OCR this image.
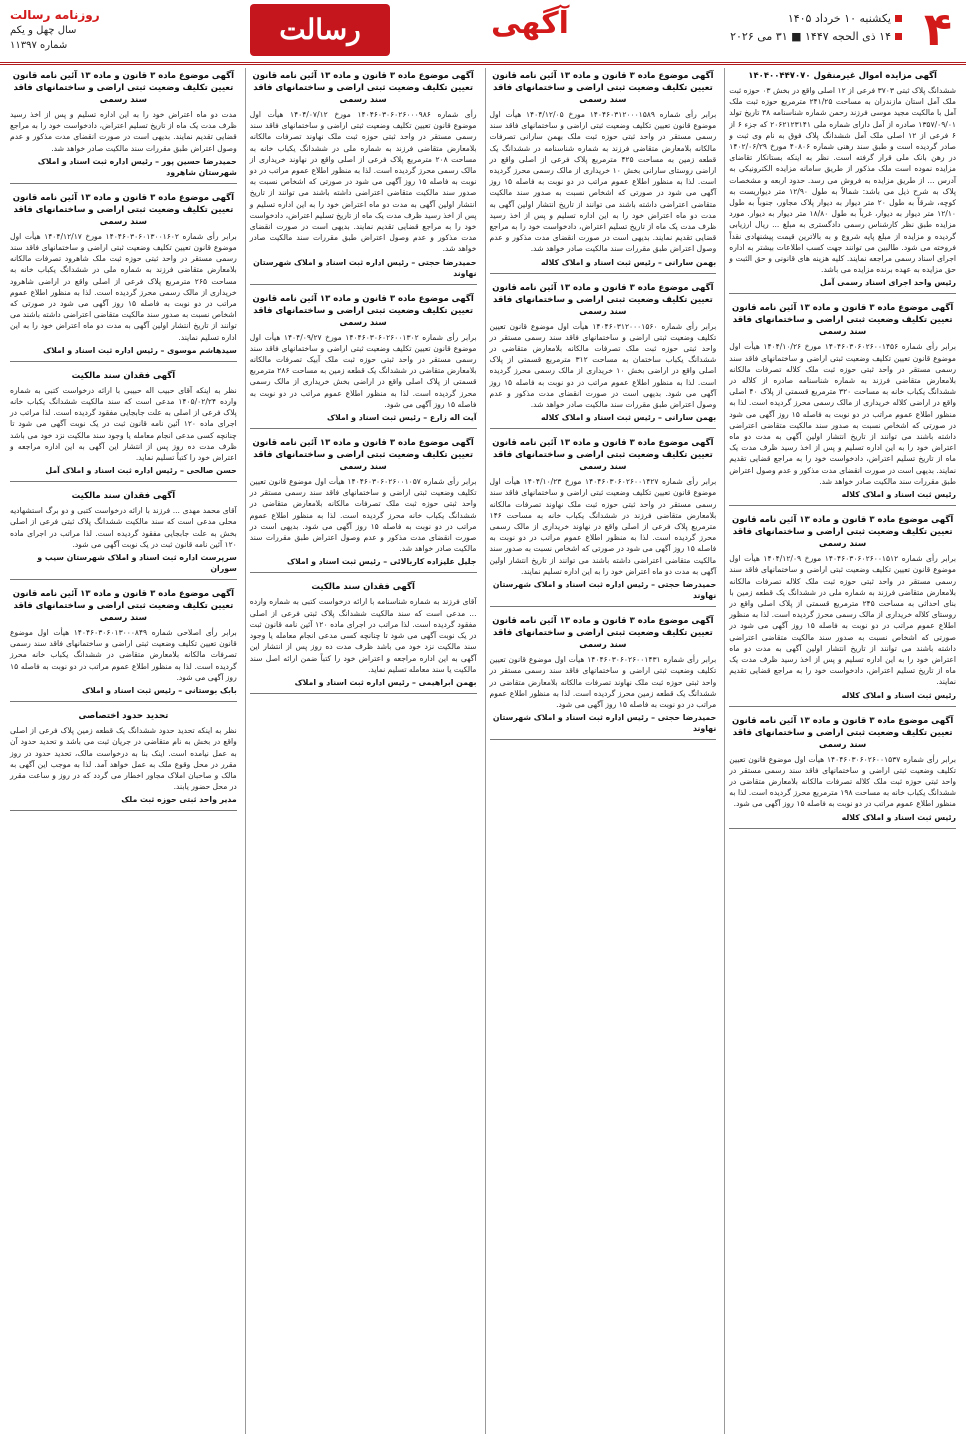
۴
یکشنبه ۱۰ خرداد ۱۴۰۵
۱۴ ذی الحجه ۱۴۴۷ ■ ۳۱ می ۲۰۲۶
آگهی
رسالت
روزنامه رسالت
سال چهل و یکم
شماره ۱۱۳۹۷
آگهی مزایده اموال غیرمنقول ۱۴۰۴۰۰۴۴۷۰۷۰
ششدانگ پلاک ثبتی ۳۷۰۳ فرعی از ۱۲ اصلی واقع در بخش ۰۳ حوزه ثبت ملک آمل استان مازندران به مساحت ۲۴۱/۲۵ مترمربع حوزه ثبت ملک آمل با مالکیت مجید موسی فرزند رحمن شماره شناسنامه ۳۸ تاریخ تولد ۱۳۵۷/۰۹/۰۱ صادره از آمل دارای شماره ملی ۲۰۶۲۱۲۳۱۴۱ که جزء ۶ از ۶ فرعی از ۱۲ اصلی ملک آمل ششدانگ پلاک فوق به نام وی ثبت و صادر گردیده است و طبق سند رهنی شماره ۴۰۸۰۶ مورخ ۱۴۰۲/۰۶/۲۹ در رهن بانک ملی قرار گرفته است. نظر به اینکه بستانکار تقاضای مزایده نموده است ملک مذکور از طریق سامانه مزایده الکترونیکی به آدرس ... از طریق مزایده به فروش می رسد. حدود اربعه و مشخصات پلاک به شرح ذیل می باشد: شمالاً به طول ۱۲/۹۰ متر دیواریست به کوچه، شرقاً به طول ۲۰ متر دیوار به دیوار پلاک مجاور، جنوباً به طول ۱۲/۱۰ متر دیوار به دیوار، غرباً به طول ۱۸/۸۰ متر دیوار به دیوار. مورد مزایده طبق نظر کارشناس رسمی دادگستری به مبلغ ... ریال ارزیابی گردیده و مزایده از مبلغ پایه شروع و به بالاترین قیمت پیشنهادی نقداً فروخته می شود. طالبین می توانند جهت کسب اطلاعات بیشتر به اداره اجرای اسناد رسمی مراجعه نمایند. کلیه هزینه های قانونی و حق الثبت و حق مزایده به عهده برنده مزایده می باشد.
رئیس واحد اجرای اسناد رسمی آمل
آگهی موضوع ماده ۳ قانون و ماده ۱۳ آئین نامه قانون تعیین تکلیف وضعیت ثبتی اراضی و ساختمانهای فاقد سند رسمی
برابر رأی شماره ۱۴۰۴۶۰۳۰۶۰۲۶۰۰۱۴۵۶ مورخ ۱۴۰۴/۱۰/۲۶ هیأت اول موضوع قانون تعیین تکلیف وضعیت ثبتی اراضی و ساختمانهای فاقد سند رسمی مستقر در واحد ثبتی حوزه ثبت ملک کلاله تصرفات مالکانه بلامعارض متقاضی فرزند به شماره شناسنامه صادره از کلاله در ششدانگ یکباب خانه به مساحت ۳۲۰ مترمربع قسمتی از پلاک ۴۰ اصلی واقع در اراضی کلاله خریداری از مالک رسمی محرز گردیده است. لذا به منظور اطلاع عموم مراتب در دو نوبت به فاصله ۱۵ روز آگهی می شود در صورتی که اشخاص نسبت به صدور سند مالکیت متقاضی اعتراضی داشته باشند می توانند از تاریخ انتشار اولین آگهی به مدت دو ماه اعتراض خود را به این اداره تسلیم و پس از اخذ رسید ظرف مدت یک ماه از تاریخ تسلیم اعتراض، دادخواست خود را به مراجع قضایی تقدیم نمایند. بدیهی است در صورت انقضای مدت مذکور و عدم وصول اعتراض طبق مقررات سند مالکیت صادر خواهد شد.
رئیس ثبت اسناد و املاک کلاله
آگهی موضوع ماده ۳ قانون و ماده ۱۳ آئین نامه قانون تعیین تکلیف وضعیت ثبتی اراضی و ساختمانهای فاقد سند رسمی
برابر رأی شماره ۱۴۰۴۶۰۳۰۶۰۲۶۰۰۱۵۱۲ مورخ ۱۴۰۴/۱۲/۰۹ هیأت اول موضوع قانون تعیین تکلیف وضعیت ثبتی اراضی و ساختمانهای فاقد سند رسمی مستقر در واحد ثبتی حوزه ثبت ملک کلاله تصرفات مالکانه بلامعارض متقاضی فرزند به شماره ملی در ششدانگ یک قطعه زمین با بنای احداثی به مساحت ۲۴۵ مترمربع قسمتی از پلاک اصلی واقع در روستای کلاله خریداری از مالک رسمی محرز گردیده است. لذا به منظور اطلاع عموم مراتب در دو نوبت به فاصله ۱۵ روز آگهی می شود در صورتی که اشخاص نسبت به صدور سند مالکیت متقاضی اعتراضی داشته باشند می توانند از تاریخ انتشار اولین آگهی به مدت دو ماه اعتراض خود را به این اداره تسلیم و پس از اخذ رسید ظرف مدت یک ماه از تاریخ تسلیم اعتراض، دادخواست خود را به مراجع قضایی تقدیم نمایند.
رئیس ثبت اسناد و املاک کلاله
آگهی موضوع ماده ۳ قانون و ماده ۱۳ آئین نامه قانون تعیین تکلیف وضعیت ثبتی اراضی و ساختمانهای فاقد سند رسمی
برابر رأی شماره ۱۴۰۴۶۰۳۰۶۰۲۶۰۰۱۵۳۷ هیأت اول موضوع قانون تعیین تکلیف وضعیت ثبتی اراضی و ساختمانهای فاقد سند رسمی مستقر در واحد ثبتی حوزه ثبت ملک کلاله تصرفات مالکانه بلامعارض متقاضی در ششدانگ یکباب خانه به مساحت ۱۹۸ مترمربع محرز گردیده است. لذا به منظور اطلاع عموم مراتب در دو نوبت به فاصله ۱۵ روز آگهی می شود.
رئیس ثبت اسناد و املاک کلاله
آگهی موضوع ماده ۳ قانون و ماده ۱۳ آئین نامه قانون تعیین تکلیف وضعیت ثبتی اراضی و ساختمانهای فاقد سند رسمی
برابر رأی شماره ۱۴۰۴۶۰۳۱۲۰۰۰۱۵۸۹ مورخ ۱۴۰۴/۱۲/۰۵ هیأت اول موضوع قانون تعیین تکلیف وضعیت ثبتی اراضی و ساختمانهای فاقد سند رسمی مستقر در واحد ثبتی حوزه ثبت ملک بهمن سارانی تصرفات مالکانه بلامعارض متقاضی فرزند به شماره شناسنامه در ششدانگ یک قطعه زمین به مساحت ۴۲۵ مترمربع پلاک فرعی از اصلی واقع در اراضی روستای سارانی بخش ۱۰ خریداری از مالک رسمی محرز گردیده است. لذا به منظور اطلاع عموم مراتب در دو نوبت به فاصله ۱۵ روز آگهی می شود در صورتی که اشخاص نسبت به صدور سند مالکیت متقاضی اعتراضی داشته باشند می توانند از تاریخ انتشار اولین آگهی به مدت دو ماه اعتراض خود را به این اداره تسلیم و پس از اخذ رسید ظرف مدت یک ماه از تاریخ تسلیم اعتراض، دادخواست خود را به مراجع قضایی تقدیم نمایند. بدیهی است در صورت انقضای مدت مذکور و عدم وصول اعتراض طبق مقررات سند مالکیت صادر خواهد شد.
بهمن سارانی – رئیس ثبت اسناد و املاک کلاله
آگهی موضوع ماده ۳ قانون و ماده ۱۳ آئین نامه قانون تعیین تکلیف وضعیت ثبتی اراضی و ساختمانهای فاقد سند رسمی
برابر رأی شماره ۱۴۰۴۶۰۳۱۲۰۰۰۱۵۶۰ هیأت اول موضوع قانون تعیین تکلیف وضعیت ثبتی اراضی و ساختمانهای فاقد سند رسمی مستقر در واحد ثبتی حوزه ثبت ملک تصرفات مالکانه بلامعارض متقاضی در ششدانگ یکباب ساختمان به مساحت ۳۱۲ مترمربع قسمتی از پلاک اصلی واقع در اراضی بخش ۱۰ خریداری از مالک رسمی محرز گردیده است. لذا به منظور اطلاع عموم مراتب در دو نوبت به فاصله ۱۵ روز آگهی می شود. بدیهی است در صورت انقضای مدت مذکور و عدم وصول اعتراض طبق مقررات سند مالکیت صادر خواهد شد.
بهمن سارانی – رئیس ثبت اسناد و املاک کلاله
آگهی موضوع ماده ۳ قانون و ماده ۱۳ آئین نامه قانون تعیین تکلیف وضعیت ثبتی اراضی و ساختمانهای فاقد سند رسمی
برابر رأی شماره ۱۴۰۴۶۰۳۰۶۰۲۶۰۰۱۴۲۷ مورخ ۱۴۰۴/۱۰/۲۳ هیأت اول موضوع قانون تعیین تکلیف وضعیت ثبتی اراضی و ساختمانهای فاقد سند رسمی مستقر در واحد ثبتی حوزه ثبت ملک نهاوند تصرفات مالکانه بلامعارض متقاضی فرزند در ششدانگ یکباب خانه به مساحت ۱۴۶ مترمربع پلاک فرعی از اصلی واقع در نهاوند خریداری از مالک رسمی محرز گردیده است. لذا به منظور اطلاع عموم مراتب در دو نوبت به فاصله ۱۵ روز آگهی می شود در صورتی که اشخاص نسبت به صدور سند مالکیت متقاضی اعتراضی داشته باشند می توانند از تاریخ انتشار اولین آگهی به مدت دو ماه اعتراض خود را به این اداره تسلیم نمایند.
حمیدرضا حجتی – رئیس اداره ثبت اسناد و املاک شهرستان نهاوند
آگهی موضوع ماده ۳ قانون و ماده ۱۳ آئین نامه قانون تعیین تکلیف وضعیت ثبتی اراضی و ساختمانهای فاقد سند رسمی
برابر رأی شماره ۱۴۰۴۶۰۳۰۶۰۲۶۰۰۱۴۳۱ هیأت اول موضوع قانون تعیین تکلیف وضعیت ثبتی اراضی و ساختمانهای فاقد سند رسمی مستقر در واحد ثبتی حوزه ثبت ملک نهاوند تصرفات مالکانه بلامعارض متقاضی در ششدانگ یک قطعه زمین محرز گردیده است. لذا به منظور اطلاع عموم مراتب در دو نوبت به فاصله ۱۵ روز آگهی می شود.
حمیدرضا حجتی – رئیس اداره ثبت اسناد و املاک شهرستان نهاوند
آگهی موضوع ماده ۳ قانون و ماده ۱۳ آئین نامه قانون تعیین تکلیف وضعیت ثبتی اراضی و ساختمانهای فاقد سند رسمی
رأی شماره ۱۴۰۴۶۰۳۰۶۰۲۶۰۰۰۹۸۶ مورخ ۱۴۰۴/۰۷/۱۲ هیأت اول موضوع قانون تعیین تکلیف وضعیت ثبتی اراضی و ساختمانهای فاقد سند رسمی مستقر در واحد ثبتی حوزه ثبت ملک نهاوند تصرفات مالکانه بلامعارض متقاضی فرزند به شماره ملی در ششدانگ یکباب خانه به مساحت ۲۰۸ مترمربع پلاک فرعی از اصلی واقع در نهاوند خریداری از مالک رسمی محرز گردیده است. لذا به منظور اطلاع عموم مراتب در دو نوبت به فاصله ۱۵ روز آگهی می شود در صورتی که اشخاص نسبت به صدور سند مالکیت متقاضی اعتراضی داشته باشند می توانند از تاریخ انتشار اولین آگهی به مدت دو ماه اعتراض خود را به این اداره تسلیم و پس از اخذ رسید ظرف مدت یک ماه از تاریخ تسلیم اعتراض، دادخواست خود را به مراجع قضایی تقدیم نمایند. بدیهی است در صورت انقضای مدت مذکور و عدم وصول اعتراض طبق مقررات سند مالکیت صادر خواهد شد.
حمیدرضا حجتی – رئیس اداره ثبت اسناد و املاک شهرستان نهاوند
آگهی موضوع ماده ۳ قانون و ماده ۱۳ آئین نامه قانون تعیین تکلیف وضعیت ثبتی اراضی و ساختمانهای فاقد سند رسمی
برابر رأی شماره ۱۴۰۴۶۰۳۰۶۰۲۶۰۰۱۳۰۲ مورخ ۱۴۰۴/۰۹/۲۷ هیأت اول موضوع قانون تعیین تکلیف وضعیت ثبتی اراضی و ساختمانهای فاقد سند رسمی مستقر در واحد ثبتی حوزه ثبت ملک آبیک تصرفات مالکانه بلامعارض متقاضی در ششدانگ یک قطعه زمین به مساحت ۲۸۶ مترمربع قسمتی از پلاک اصلی واقع در اراضی بخش خریداری از مالک رسمی محرز گردیده است. لذا به منظور اطلاع عموم مراتب در دو نوبت به فاصله ۱۵ روز آگهی می شود.
آیت اله زارع – رئیس ثبت اسناد و املاک
آگهی موضوع ماده ۳ قانون و ماده ۱۳ آئین نامه قانون تعیین تکلیف وضعیت ثبتی اراضی و ساختمانهای فاقد سند رسمی
برابر رأی شماره ۱۴۰۴۶۰۳۰۶۰۲۶۰۰۱۰۵۷ هیأت اول موضوع قانون تعیین تکلیف وضعیت ثبتی اراضی و ساختمانهای فاقد سند رسمی مستقر در واحد ثبتی حوزه ثبت ملک تصرفات مالکانه بلامعارض متقاضی در ششدانگ یکباب خانه محرز گردیده است. لذا به منظور اطلاع عموم مراتب در دو نوبت به فاصله ۱۵ روز آگهی می شود. بدیهی است در صورت انقضای مدت مذکور و عدم وصول اعتراض طبق مقررات سند مالکیت صادر خواهد شد.
جلیل علیزاده کاربالائی – رئیس ثبت اسناد و املاک
آگهی فقدان سند مالکیت
آقای فرزند به شماره شناسنامه با ارائه درخواست کتبی به شماره وارده ... مدعی است که سند مالکیت ششدانگ پلاک ثبتی فرعی از اصلی مفقود گردیده است. لذا مراتب در اجرای ماده ۱۲۰ آئین نامه قانون ثبت در یک نوبت آگهی می شود تا چنانچه کسی مدعی انجام معامله یا وجود سند مالکیت نزد خود می باشد ظرف مدت ده روز پس از انتشار این آگهی به این اداره مراجعه و اعتراض خود را کتباً ضمن ارائه اصل سند مالکیت یا سند معامله تسلیم نماید.
بهمن ابراهیمی – رئیس اداره ثبت اسناد و املاک
آگهی موضوع ماده ۳ قانون و ماده ۱۳ آئین نامه قانون تعیین تکلیف وضعیت ثبتی اراضی و ساختمانهای فاقد سند رسمی
مدت دو ماه اعتراض خود را به این اداره تسلیم و پس از اخذ رسید ظرف مدت یک ماه از تاریخ تسلیم اعتراض، دادخواست خود را به مراجع قضایی تقدیم نمایند. بدیهی است در صورت انقضای مدت مذکور و عدم وصول اعتراض طبق مقررات سند مالکیت صادر خواهد شد.
حمیدرضا حسین پور – رئیس اداره ثبت اسناد و املاک شهرستان شاهرود
آگهی موضوع ماده ۳ قانون و ماده ۱۳ آئین نامه قانون تعیین تکلیف وضعیت ثبتی اراضی و ساختمانهای فاقد سند رسمی
برابر رأی شماره ۱۴۰۴۶۰۳۰۶۰۱۳۰۰۱۶۰۲ مورخ ۱۴۰۴/۱۲/۱۷ هیأت اول موضوع قانون تعیین تکلیف وضعیت ثبتی اراضی و ساختمانهای فاقد سند رسمی مستقر در واحد ثبتی حوزه ثبت ملک شاهرود تصرفات مالکانه بلامعارض متقاضی فرزند به شماره ملی در ششدانگ یکباب خانه به مساحت ۲۶۵ مترمربع پلاک فرعی از اصلی واقع در اراضی شاهرود خریداری از مالک رسمی محرز گردیده است. لذا به منظور اطلاع عموم مراتب در دو نوبت به فاصله ۱۵ روز آگهی می شود در صورتی که اشخاص نسبت به صدور سند مالکیت متقاضی اعتراضی داشته باشند می توانند از تاریخ انتشار اولین آگهی به مدت دو ماه اعتراض خود را به این اداره تسلیم نمایند.
سیدهاشم موسوی – رئیس اداره ثبت اسناد و املاک
آگهی فقدان سند مالکیت
نظر به اینکه آقای حبیب اله حبیبی با ارائه درخواست کتبی به شماره وارده ۱۴۰۵/۰۲/۲۴ مدعی است که سند مالکیت ششدانگ یکباب خانه پلاک فرعی از اصلی به علت جابجایی مفقود گردیده است. لذا مراتب در اجرای ماده ۱۲۰ آئین نامه قانون ثبت در یک نوبت آگهی می شود تا چنانچه کسی مدعی انجام معامله یا وجود سند مالکیت نزد خود می باشد ظرف مدت ده روز پس از انتشار این آگهی به این اداره مراجعه و اعتراض خود را کتباً تسلیم نماید.
حسن صالحی – رئیس اداره ثبت اسناد و املاک آمل
آگهی فقدان سند مالکیت
آقای محمد مهدی ... فرزند با ارائه درخواست کتبی و دو برگ استشهادیه محلی مدعی است که سند مالکیت ششدانگ پلاک ثبتی فرعی از اصلی بخش به علت جابجایی مفقود گردیده است. لذا مراتب در اجرای ماده ۱۲۰ آئین نامه قانون ثبت در یک نوبت آگهی می شود.
سرپرست اداره ثبت اسناد و املاک شهرستان سیب و سوران
آگهی موضوع ماده ۳ قانون و ماده ۱۳ آئین نامه قانون تعیین تکلیف وضعیت ثبتی اراضی و ساختمانهای فاقد سند رسمی
برابر رأی اصلاحی شماره ۱۴۰۴۶۰۳۰۶۰۱۳۰۰۰۸۴۹ هیأت اول موضوع قانون تعیین تکلیف وضعیت ثبتی اراضی و ساختمانهای فاقد سند رسمی تصرفات مالکانه بلامعارض متقاضی در ششدانگ یکباب خانه محرز گردیده است. لذا به منظور اطلاع عموم مراتب در دو نوبت به فاصله ۱۵ روز آگهی می شود.
بابک بوستانی – رئیس ثبت اسناد و املاک
تحدید حدود اختصاصی
نظر به اینکه تحدید حدود ششدانگ یک قطعه زمین پلاک فرعی از اصلی واقع در بخش به نام متقاضی در جریان ثبت می باشد و تحدید حدود آن به عمل نیامده است. اینک بنا به درخواست مالک، تحدید حدود در روز مقرر در محل وقوع ملک به عمل خواهد آمد. لذا به موجب این آگهی به مالک و صاحبان املاک مجاور اخطار می گردد که در روز و ساعت مقرر در محل حضور یابند.
مدیر واحد ثبتی حوزه ثبت ملک
